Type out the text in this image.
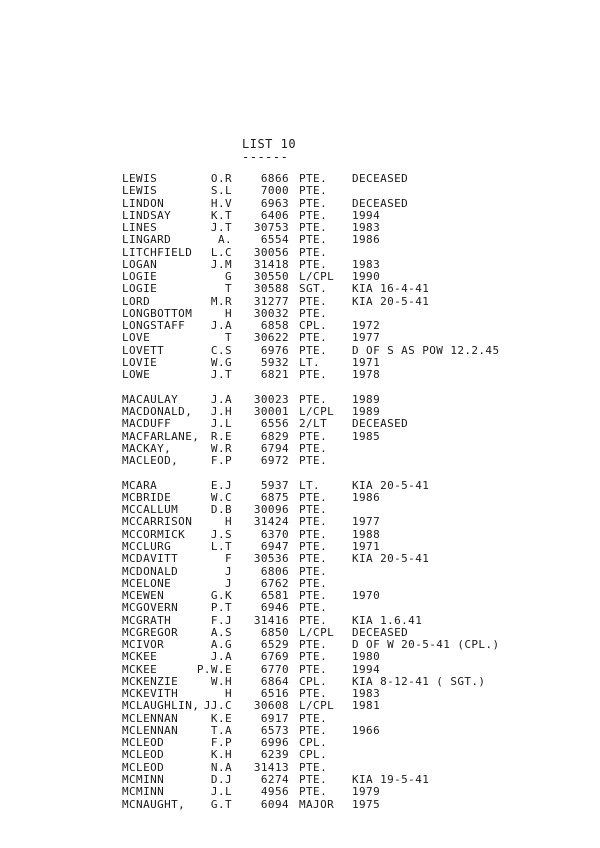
LIST 10
------
LEWIS	O.R	6866 PTE. DECEASED
LEWIS	S.L	7000 PTE.
LINDON	H.V	6963 PTE. DECEASED
LINDSAY	K.T	6406 PTE. 1994
LINES	J.T	30753 PTE. 1983
LINGARD	A.	6554 PTE. 1986
LITCHFIELD	L.C	30056 PTE.
LOGAN	J.M	31418 PTE. 1983
LOGIE	G	30550 L/CPL 1990
LOGIE	T	30588 SGT. KIA 16-4-41
LORD	M.R	31277 PTE. KIA 20-5-41
LONGBOTTOM	H	30032 PTE.
LONGSTAFF	J.A	6858 CPL. 1972
LOVE	T	30622 PTE. 1977
LOVETT	C.S	6976 PTE. D OF S AS POW 12.2.45
LOVIE	W.G	5932 LT.	1971
LOWE	J.T	6821 PTE. 1978
MACAULAY	J.A	30023 PTE. 1989
MACDONALD,	J.H	30001 L/CPL 1989
MACDUFF	J.L	6556 2/LT DECEASED
MACFARLANE,	R.E	6829 PTE. 1985
MACKAY,	W.R	6794 PTE.
MACLEOD,	F.P	6972 PTE.
MCARA	E.J	5937 LT.	KIA 20-5-41
MCBRIDE	W.C	6875 PTE. 1986
MCCALLUM	D.B	30096 PTE.
MCCARRISON	H	31424 PTE. 1977
MCCORMICK	J.S	6370 PTE. 1988
MCCLURG	L.T	6947 PTE. 1971
MCDAVITT	F	30536 PTE. KIA 20-5-41
MCDONALD	J	6806 PTE.
MCELONE	J	6762 PTE.
MCEWEN	G.K	6581 PTE. 1970
MCGOVERN	P.T	6946 PTE.
MCGRATH	F.J	31416 PTE. KIA 1.6.41
MCGREGOR	A.S	6850 L/CPL DECEASED
MCIVOR	A.G	6529 PTE. D OF W 20-5-41 (CPL.)
MCKEE	J.A	6769 PTE. 1980
MCKEE	P.W.E	6770 PTE. 1994
MCKENZIE	W.H	6864 CPL. KIA 8-12-41 ( SGT.)
MCKEVITH	H	6516 PTE. 1983
MCLAUGHLIN, JJ.C	30608 L/CPL 1981
MCLENNAN	K.E	6917 PTE.
MCLENNAN	T.A	6573 PTE. 1966
MCLEOD	F.P	6996 CPL.
MCLEOD	K.H	6239 CPL.
MCLEOD	N.A	31413 PTE.
MCMINN	D.J	6274 PTE. KIA 19-5-41
MCMINN	J.L	4956 PTE. 1979
MCNAUGHT,	G.T	6094 MAJOR 1975
